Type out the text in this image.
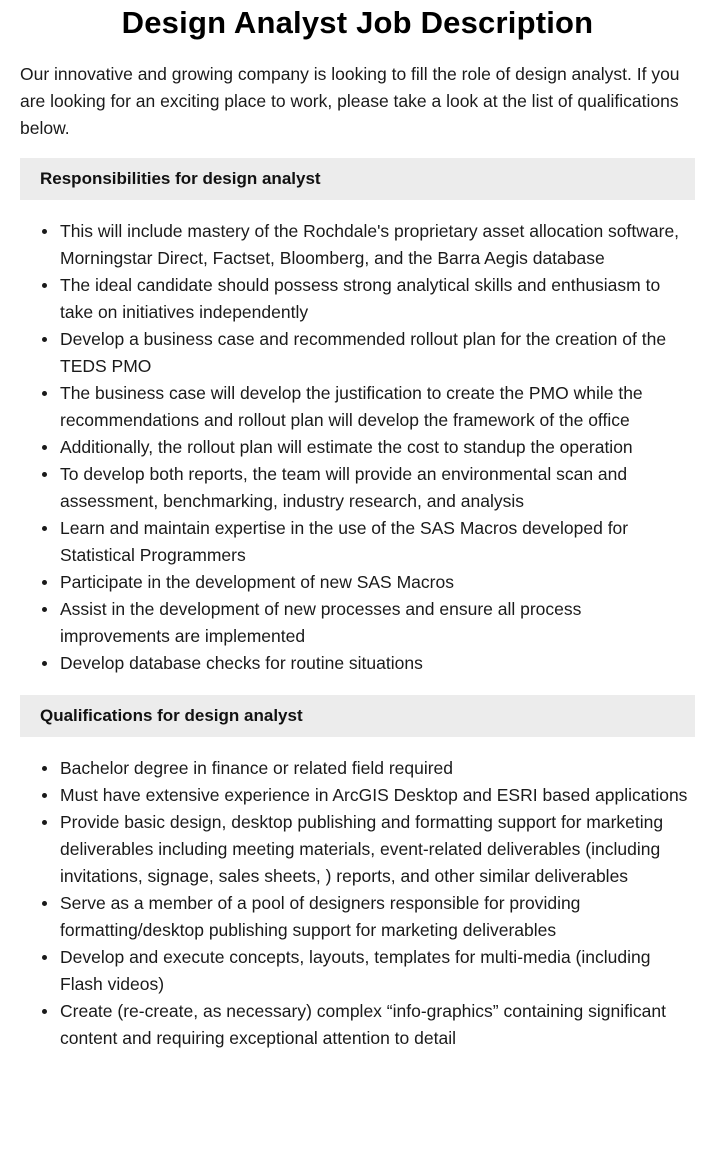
Design Analyst Job Description

Our innovative and growing company is looking to fill the role of design analyst. If you are looking for an exciting place to work, please take a look at the list of qualifications below.

Responsibilities for design analyst
This will include mastery of the Rochdale's proprietary asset allocation software, Morningstar Direct, Factset, Bloomberg, and the Barra Aegis database
The ideal candidate should possess strong analytical skills and enthusiasm to take on initiatives independently
Develop a business case and recommended rollout plan for the creation of the TEDS PMO
The business case will develop the justification to create the PMO while the recommendations and rollout plan will develop the framework of the office
Additionally, the rollout plan will estimate the cost to standup the operation
To develop both reports, the team will provide an environmental scan and assessment, benchmarking, industry research, and analysis
Learn and maintain expertise in the use of the SAS Macros developed for Statistical Programmers
Participate in the development of new SAS Macros
Assist in the development of new processes and ensure all process improvements are implemented
Develop database checks for routine situations
Qualifications for design analyst
Bachelor degree in finance or related field required
Must have extensive experience in ArcGIS Desktop and ESRI based applications
Provide basic design, desktop publishing and formatting support for marketing deliverables including meeting materials, event-related deliverables (including invitations, signage, sales sheets, ) reports, and other similar deliverables
Serve as a member of a pool of designers responsible for providing formatting/desktop publishing support for marketing deliverables
Develop and execute concepts, layouts, templates for multi-media (including Flash videos)
Create (re-create, as necessary) complex “info-graphics” containing significant content and requiring exceptional attention to detail
